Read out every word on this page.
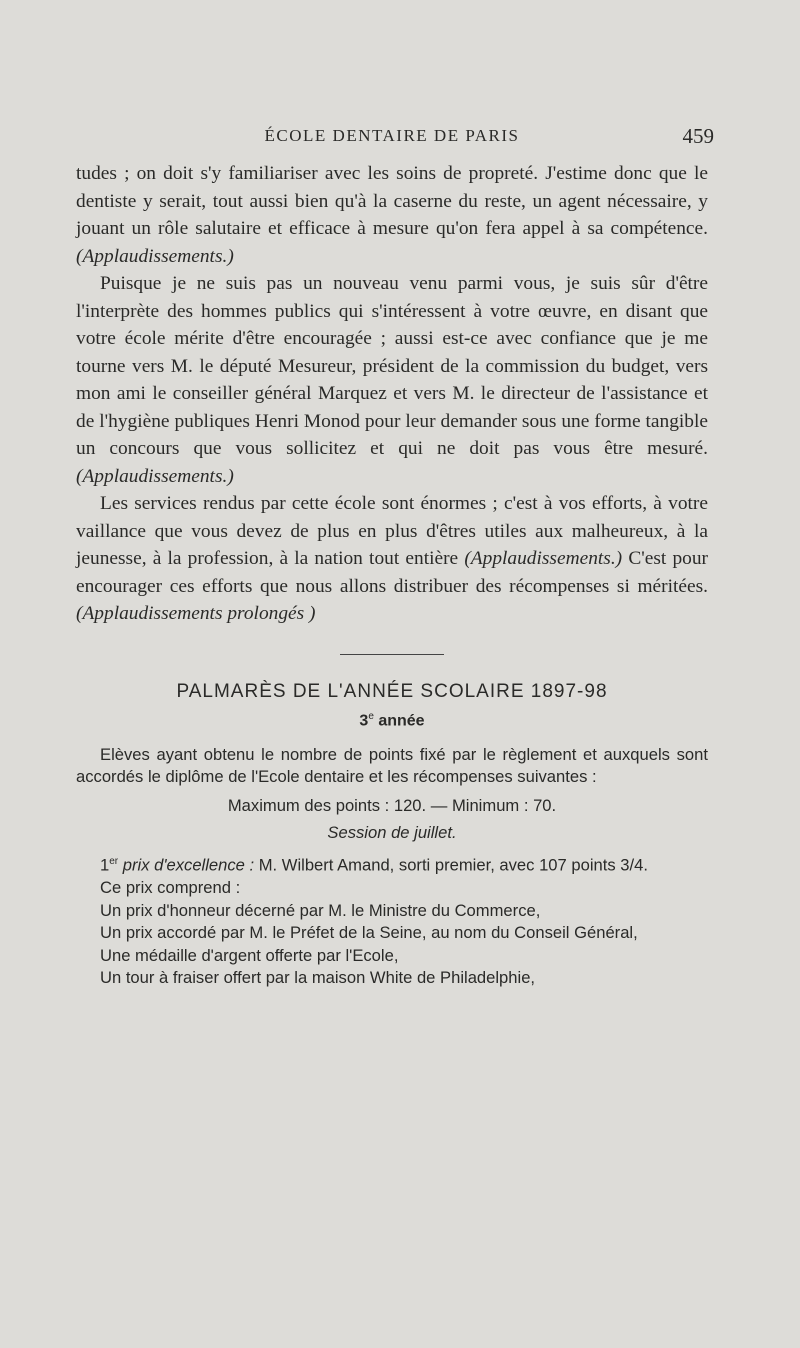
ÉCOLE DENTAIRE DE PARIS	459

tudes ; on doit s'y familiariser avec les soins de propreté. J'estime donc que le dentiste y serait, tout aussi bien qu'à la caserne du reste, un agent nécessaire, y jouant un rôle salutaire et efficace à mesure qu'on fera appel à sa compétence. (Applaudissements.)

Puisque je ne suis pas un nouveau venu parmi vous, je suis sûr d'être l'interprète des hommes publics qui s'intéressent à votre œuvre, en disant que votre école mérite d'être encouragée ; aussi est-ce avec confiance que je me tourne vers M. le député Mesureur, président de la commission du budget, vers mon ami le conseiller général Marquez et vers M. le directeur de l'assistance et de l'hygiène publiques Henri Monod pour leur demander sous une forme tangible un concours que vous sollicitez et qui ne doit pas vous être mesuré. (Applaudissements.)

Les services rendus par cette école sont énormes ; c'est à vos efforts, à votre vaillance que vous devez de plus en plus d'êtres utiles aux malheureux, à la jeunesse, à la profession, à la nation tout entière (Applaudissements.) C'est pour encourager ces efforts que nous allons distribuer des récompenses si méritées. (Applaudissements prolongés )

PALMARÈS DE L'ANNÉE SCOLAIRE 1897-98
3e année

Elèves ayant obtenu le nombre de points fixé par le règlement et auxquels sont accordés le diplôme de l'Ecole dentaire et les récompenses suivantes :

Maximum des points : 120. — Minimum : 70.

Session de juillet.

1er prix d'excellence : M. Wilbert Amand, sorti premier, avec 107 points 3/4.

Ce prix comprend :

Un prix d'honneur décerné par M. le Ministre du Commerce,

Un prix accordé par M. le Préfet de la Seine, au nom du Conseil Général,

Une médaille d'argent offerte par l'Ecole,

Un tour à fraiser offert par la maison White de Philadelphie,
